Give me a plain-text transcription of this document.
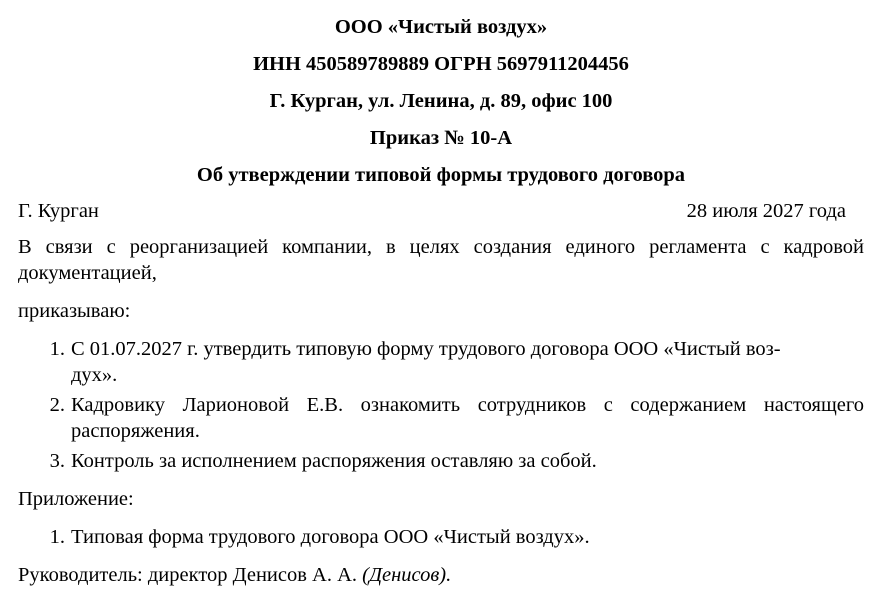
ООО «Чистый воздух»
ИНН 450589789889 ОГРН 5697911204456
Г. Курган, ул. Ленина, д. 89, офис 100
Приказ № 10-А
Об утверждении типовой формы трудового договора
Г. Курган	28 июля 2027 года
В связи с реорганизацией компании, в целях создания единого регламента с кадровой документацией,
приказываю:
1. С 01.07.2027 г. утвердить типовую форму трудового договора ООО «Чистый воз-
дух».
2. Кадровику Ларионовой Е.В. ознакомить сотрудников с содержанием настоящего распоряжения.
3. Контроль за исполнением распоряжения оставляю за собой.
Приложение:
1. Типовая форма трудового договора ООО «Чистый воздух».
Руководитель: директор Денисов А. А. (Денисов).
